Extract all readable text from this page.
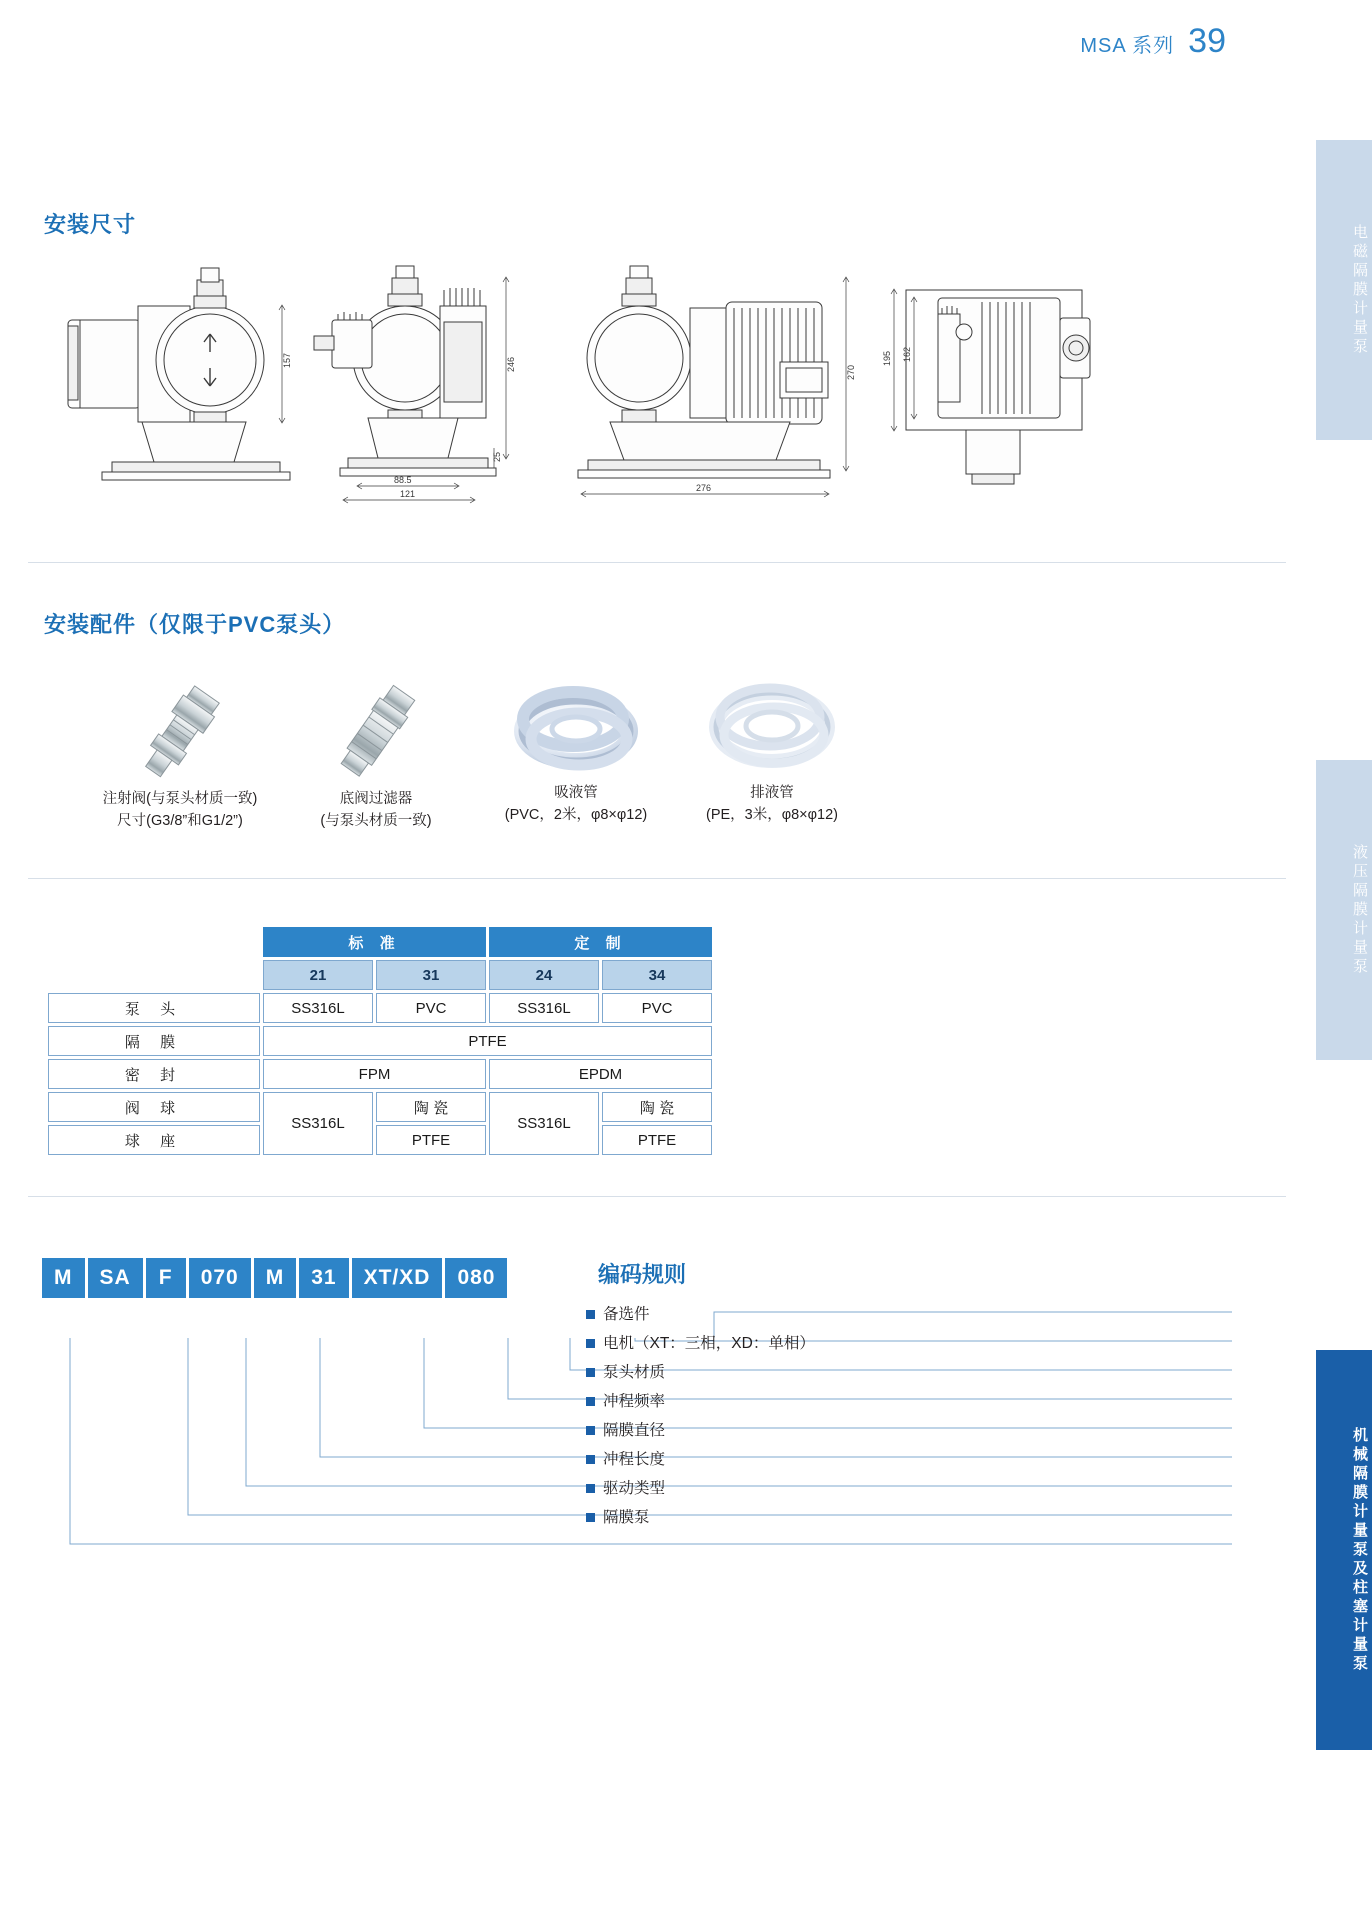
MSA 系列 39
电磁隔膜计量泵
液压隔膜计量泵
机械隔膜计量泵及柱塞计量泵
安装尺寸
157	246
25
88.5
121
270
276
195 162
安装配件（仅限于PVC泵头）
注射阀(与泵头材质一致)
尺寸(G3/8”和G1/2”)
底阀过滤器
(与泵头材质一致)
吸液管
(PVC，2米，φ8×φ12)
排液管
(PE，3米，φ8×φ12)
	标 准		定 制	
	21	31	24	34
泵 头	SS316L	PVC	SS316L	PVC
隔 膜	PTFE			
密 封	FPM		EPDM	
阀 球	SS316L	陶 瓷	SS316L	陶 瓷
球 座		PTFE		PTFE
M	SA	F	070	M	31	XT/XD	080	编码规则
备选件
电机（XT：三相，XD：单相）
泵头材质
冲程频率
隔膜直径
冲程长度
驱动类型
隔膜泵
